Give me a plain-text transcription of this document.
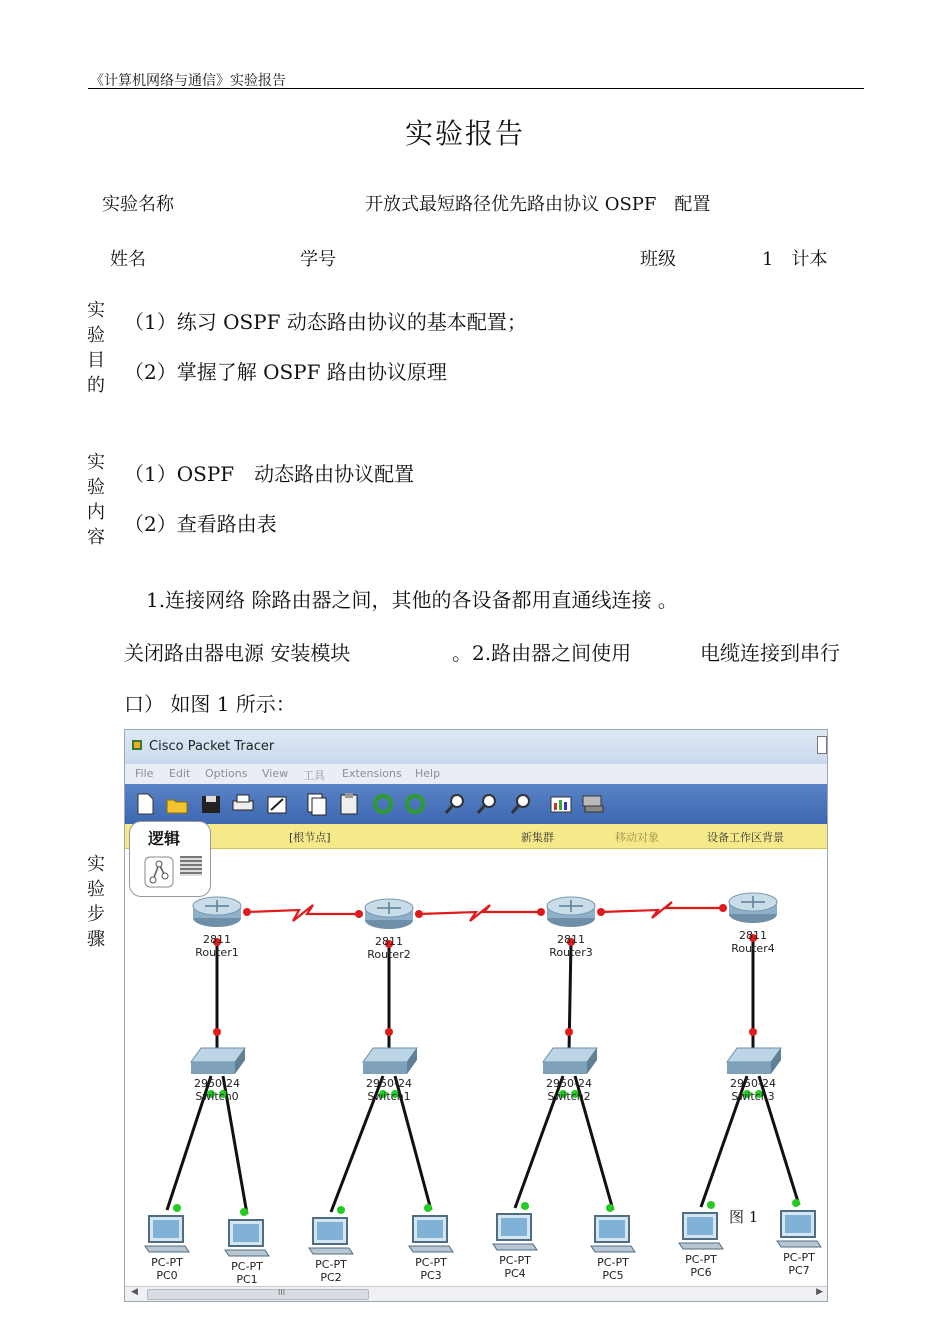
《计算机网络与通信》实验报告
实验报告
实验名称	开放式最短路径优先路由协议 OSPF　配置
姓名	学号	班级	1　计本
实
验
目
的
（1）练习 OSPF 动态路由协议的基本配置；
（2）掌握了解 OSPF 路由协议原理
实
验
内
容
（1）OSPF　动态路由协议配置
（2）查看路由表
1.连接网络 除路由器之间，其他的各设备都用直通线连接 。
关闭路由器电源 安装模块	。2.路由器之间使用	电缆连接到串行
口） 如图 1 所示：
实
验
步
骤
Cisco Packet Tracer
File Edit Options View 工具 Extensions Help
[根节点]	新集群	移动对象	设备工作区背景
逻辑
2811
Router1
2811
Router2
2811
Router3
2811
Router4
2950-24
Switch0
2950-24
Switch1
2950-24
Switch2
2950-24
Switch3
PC-PT
PC0
PC-PT
PC1
PC-PT
PC2
PC-PT
PC3
PC-PT
PC4
PC-PT
PC5
PC-PT
PC6
PC-PT
PC7
◀	III	▶
图 1
